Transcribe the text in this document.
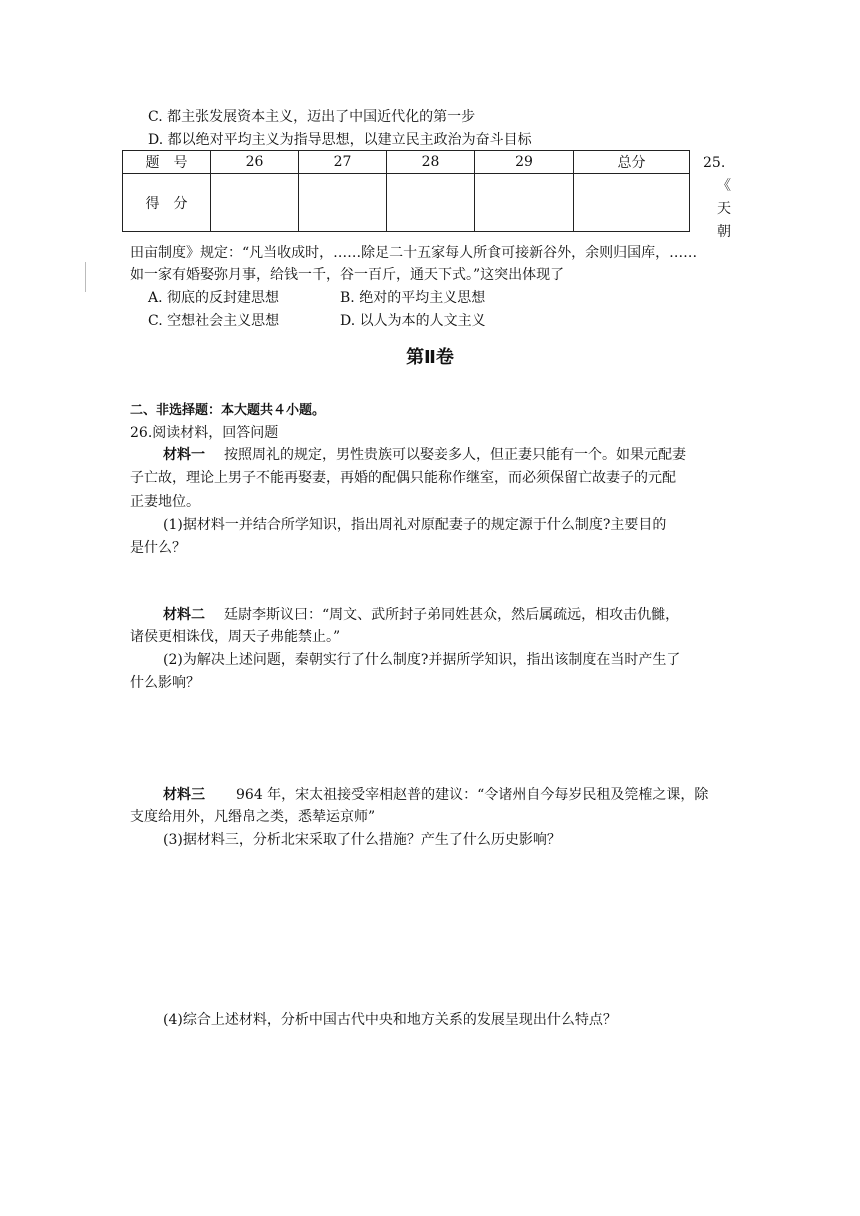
C. 都主张发展资本主义，迈出了中国近代化的第一步
D. 都以绝对平均主义为指导思想，以建立民主政治为奋斗目标
题　号	26	27	28	29	总分
得　分					
25.
《
天
朝
田亩制度》规定：“凡当收成时，……除足二十五家每人所食可接新谷外，余则归国库，……
如一家有婚娶弥月事，给钱一千，谷一百斤，通天下式。”这突出体现了
A. 彻底的反封建思想	B. 绝对的平均主义思想
C. 空想社会主义思想	D. 以人为本的人文主义
第Ⅱ卷
二、非选择题：本大题共４小题。
26.阅读材料，回答问题
材料一 按照周礼的规定，男性贵族可以娶妾多人，但正妻只能有一个。如果元配妻
子亡故，理论上男子不能再娶妻，再婚的配偶只能称作继室，而必须保留亡故妻子的元配
正妻地位。
(1)据材料一并结合所学知识，指出周礼对原配妻子的规定源于什么制度?主要目的
是什么？
材料二 廷尉李斯议曰：“周文、武所封子弟同姓甚众，然后属疏远，相攻击仇雠，
诸侯更相诛伐，周天子弗能禁止。”
(2)为解决上述问题，秦朝实行了什么制度?并据所学知识，指出该制度在当时产生了
什么影响？
材料三 964 年，宋太祖接受宰相赵普的建议：“令诸州自今每岁民租及筦榷之课，除
支度给用外，凡缗帛之类，悉辇运京师”
(3)据材料三，分析北宋采取了什么措施？产生了什么历史影响？
(4)综合上述材料，分析中国古代中央和地方关系的发展呈现出什么特点？
